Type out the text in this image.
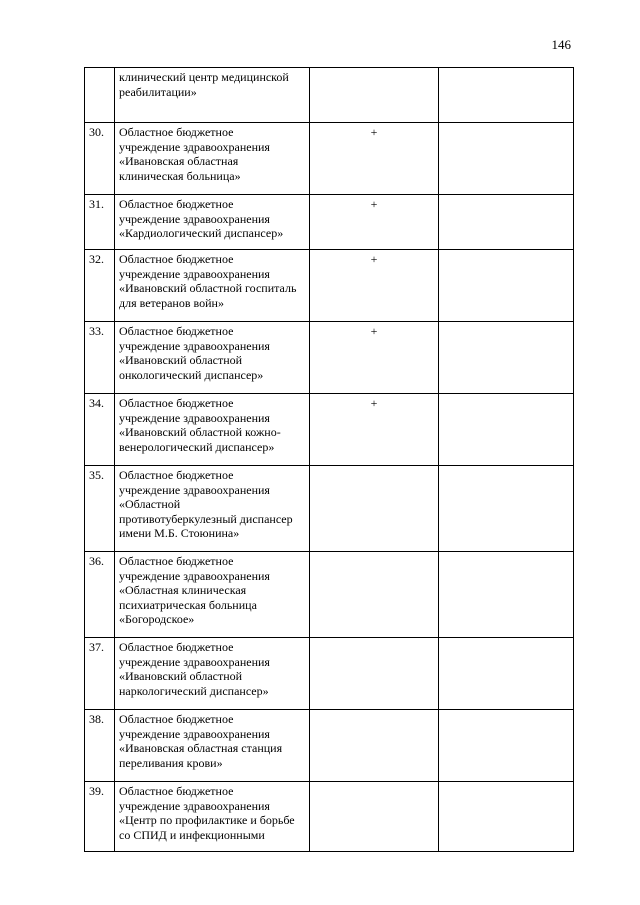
146

	клинический центр медицинской
реабилитации»		

30.	Областное бюджетное
учреждение здравоохранения
«Ивановская областная
клиническая больница»	+	
31.	Областное бюджетное
учреждение здравоохранения
«Кардиологический диспансер»	+	
32.	Областное бюджетное
учреждение здравоохранения
«Ивановский областной госпиталь
для ветеранов войн»	+	
33.	Областное бюджетное
учреждение здравоохранения
«Ивановский областной
онкологический диспансер»	+	
34.	Областное бюджетное
учреждение здравоохранения
«Ивановский областной кожно-
венерологический диспансер»	+	
35.	Областное бюджетное
учреждение здравоохранения
«Областной
противотуберкулезный диспансер
имени М.Б. Стоюнина»		

36.	Областное бюджетное
учреждение здравоохранения
«Областная клиническая
психиатрическая больница
«Богородское»		

37.	Областное бюджетное
учреждение здравоохранения
«Ивановский областной
наркологический диспансер»		

38.	Областное бюджетное
учреждение здравоохранения
«Ивановская областная станция
переливания крови»		

39.	Областное бюджетное
учреждение здравоохранения
«Центр по профилактике и борьбе
со СПИД и инфекционными		
